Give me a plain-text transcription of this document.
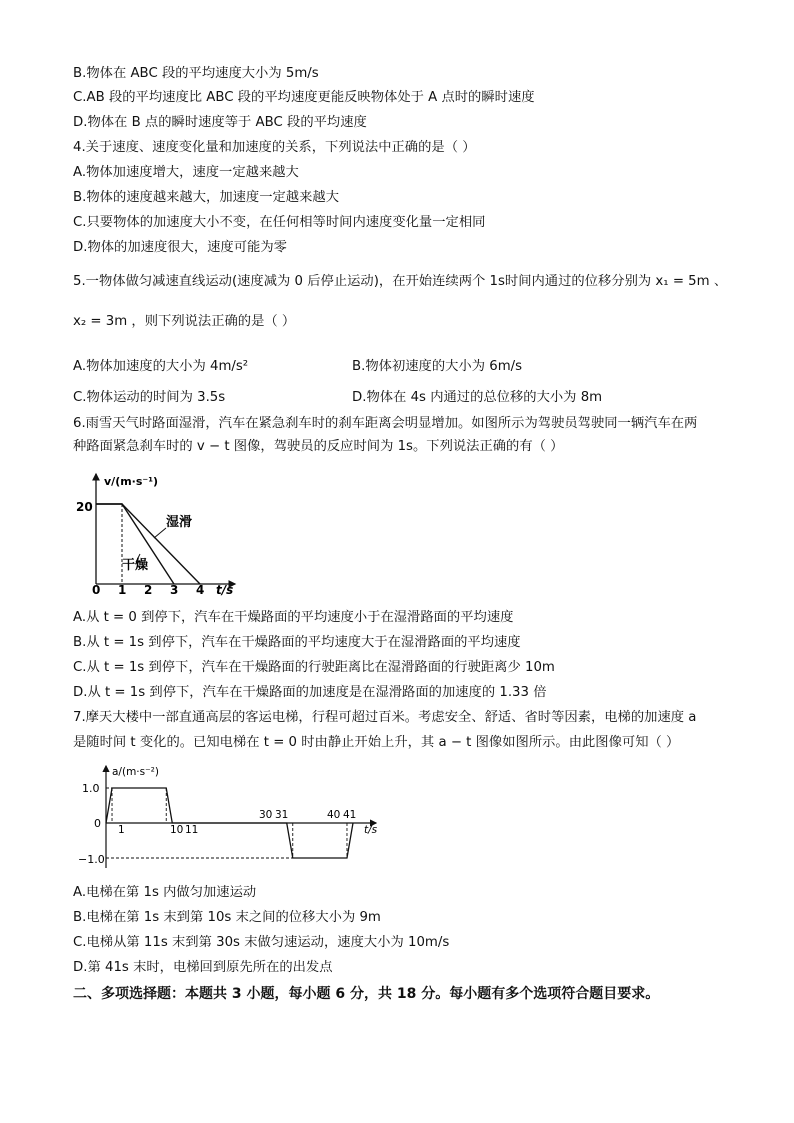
B.物体在 ABC 段的平均速度大小为 5m/s
C.AB 段的平均速度比 ABC 段的平均速度更能反映物体处于 A 点时的瞬时速度
D.物体在 B 点的瞬时速度等于 ABC 段的平均速度
4.关于速度、速度变化量和加速度的关系，下列说法中正确的是（ ）
A.物体加速度增大，速度一定越来越大
B.物体的速度越来越大，加速度一定越来越大
C.只要物体的加速度大小不变，在任何相等时间内速度变化量一定相同
D.物体的加速度很大，速度可能为零
5.一物体做匀减速直线运动(速度减为 0 后停止运动)，在开始连续两个 1s时间内通过的位移分别为 x₁ = 5m 、
x₂ = 3m ，则下列说法正确的是（ ）
A.物体加速度的大小为 4m/s²	B.物体初速度的大小为 6m/s
C.物体运动的时间为 3.5s	D.物体在 4s 内通过的总位移的大小为 8m
6.雨雪天气时路面湿滑，汽车在紧急刹车时的刹车距离会明显增加。如图所示为驾驶员驾驶同一辆汽车在两
种路面紧急刹车时的 v − t 图像，驾驶员的反应时间为 1s。下列说法正确的有（ ）
v/(m·s⁻¹)
20
湿滑
干燥
0 1 2 3 4 t/s
A.从 t = 0 到停下，汽车在干燥路面的平均速度小于在湿滑路面的平均速度
B.从 t = 1s 到停下，汽车在干燥路面的平均速度大于在湿滑路面的平均速度
C.从 t = 1s 到停下，汽车在干燥路面的行驶距离比在湿滑路面的行驶距离少 10m
D.从 t = 1s 到停下，汽车在干燥路面的加速度是在湿滑路面的加速度的 1.33 倍
7.摩天大楼中一部直通高层的客运电梯，行程可超过百米。考虑安全、舒适、省时等因素，电梯的加速度 a
是随时间 t 变化的。已知电梯在 t = 0 时由静止开始上升，其 a − t 图像如图所示。由此图像可知（ ）
a/(m·s⁻²)
1.0
0
−1.0
1	10 11
30 31	40 41
t/s
A.电梯在第 1s 内做匀加速运动
B.电梯在第 1s 末到第 10s 末之间的位移大小为 9m
C.电梯从第 11s 末到第 30s 末做匀速运动，速度大小为 10m/s
D.第 41s 末时，电梯回到原先所在的出发点
二、多项选择题：本题共 3 小题，每小题 6 分，共 18 分。每小题有多个选项符合题目要求。
